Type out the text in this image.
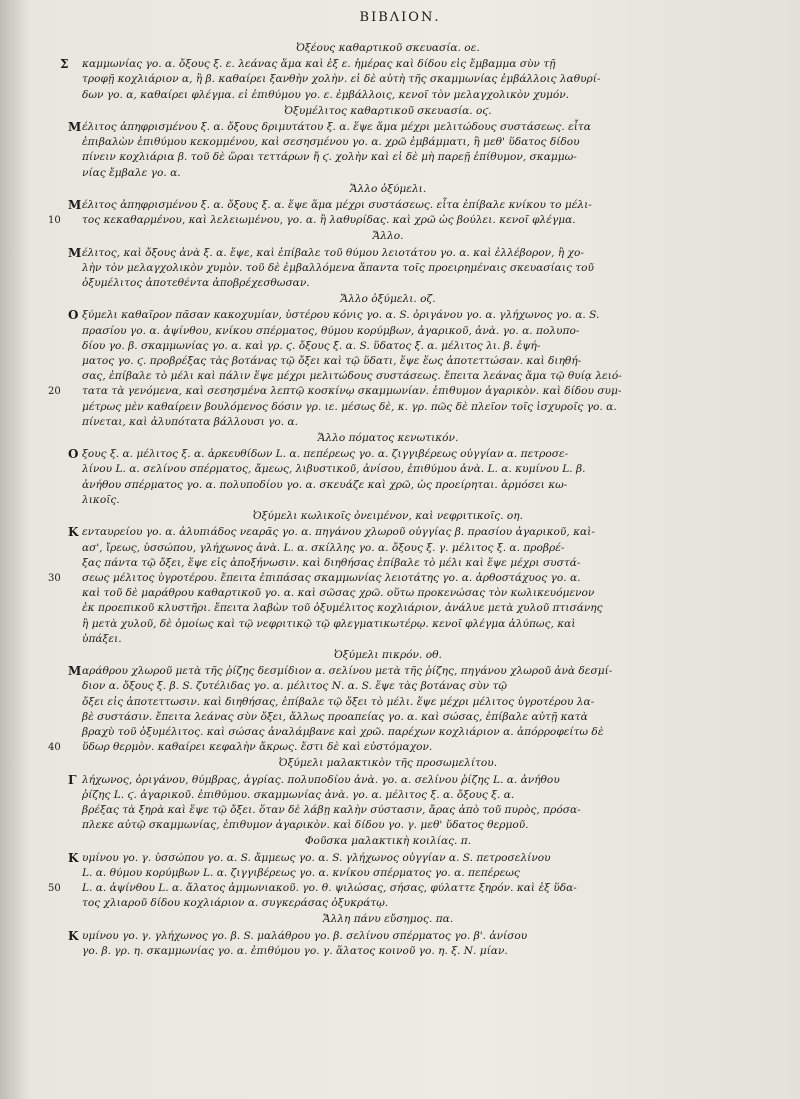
ΒΙΒΛΙΟΝ.
Ὀξέους καθαρτικοῦ σκευασία. οε.
Σ καμμωνίας γο. α. ὄξους ξ. ε. λεάνας ἅμα καὶ ἐξ ε. ἡμέρας καὶ δίδου εἰς ἔμβαμμα σὺν τῇ
τροφῇ κοχλιάριον α, ἢ β. καθαίρει ξανθὴν χολὴν. εἰ δὲ αὐτὴ τῆς σκαμμωνίας ἐμβάλλοις λαθυρί-
δων γο. α, καθαίρει φλέγμα. εἰ ἐπιθύμου γο. ε. ἐμβάλλοις, κενοῖ τὸν μελαγχολικὸν χυμόν.
Ὀξυμέλιτος καθαρτικοῦ σκευασία. οϛ.
Μ έλιτος ἀπηφρισμένου ξ. α. ὄξους δριμυτάτου ξ. α. ἕψε ἅμα μέχρι μελιτώδους συστάσεως. εἶτα
ἐπιβαλὼν ἐπιθύμου κεκομμένου, καὶ σεσησμένου γο. α. χρῶ ἐμβάμματι, ἢ μεθ' ὕδατος δίδου
πίνειν κοχλιάρια β. τοῦ δὲ ὥραι τεττάρων ἤ ϛ. χολὴν καὶ εἰ δὲ μὴ παρεῇ ἐπίθυμον, σκαμμω-
νίας ἔμβαλε γο. α.
Ἄλλο ὀξύμελι.
Μ έλιτος ἀπηφρισμένου ξ. α. ὄξους ξ. α. ἕψε ἅμα μέχρι συστάσεως. εἶτα ἐπίβαλε κνίκου το μέλι-
10 τος κεκαθαρμένου, καὶ λελειωμένου, γο. α. ἢ λαθυρίδας. καὶ χρῶ ὡς βούλει. κενοῖ φλέγμα.
Ἄλλο.
Μ έλιτος, καὶ ὄξους ἀνὰ ξ. α. ἕψε, καὶ ἐπίβαλε τοῦ θύμου λειοτάτου γο. α. καὶ ἐλλέβορον, ἢ χο-
λὴν τὸν μελαγχολικὸν χυμὸν. τοῦ δὲ ἐμβαλλόμενα ἅπαντα τοῖς προειρημέναις σκευασίαις τοῦ
ὀξυμέλιτος ἀποτεθέντα ἀποβρέχεσθωσαν.
Ἄλλο ὀξύμελι. οζ.
Ο ξύμελι καθαῖρον πᾶσαν κακοχυμίαν, ὑστέρου κόνις γο. α. S. ὀριγάνου γο. α. γλήχωνος γο. α. S.
πρασίου γο. α. ἀψίνθου, κνίκου σπέρματος, θύμου κορύμβων, ἀγαρικοῦ, ἀνὰ. γο. α. πολυπο-
δίου γο. β. σκαμμωνίας γο. α. καὶ γρ. ϛ. ὄξους ξ. α. S. ὕδατος ξ. α. μέλιτος λι. β. ἐψή-
ματος γο. ϛ. προβρέξας τὰς βοτάνας τῷ ὄξει καὶ τῷ ὕδατι, ἕψε ἕως ἀποτεττώσαν. καὶ διηθή-
σας, ἐπίβαλε τὸ μέλι καὶ πάλιν ἕψε μέχρι μελιτώδους συστάσεως. ἔπειτα λεάνας ἅμα τῷ θυίᾳ λειό-
20 τατα τὰ γενόμενα, καὶ σεσησμένα λεπτῷ κοσκίνῳ σκαμμωνίαν. ἐπιθυμον ἀγαρικὸν. καὶ δίδου συμ-
μέτρως μὲν καθαίρειν βουλόμενος δόσιν γρ. ιε. μέσως δὲ, κ. γρ. πῶς δὲ πλεῖον τοῖς ἰσχυροῖς γο. α.
πίνεται, καὶ ἀλυπότατα βάλλουσι γο. α.
Ἄλλο πόματος κενωτικόν.
Ο ξους ξ. α. μέλιτος ξ. α. ἀρκευθίδων L. α. πεπέρεως γο. α. ζιγγιβέρεως οὐγγίαν α. πετροσε-
λίνου L. α. σελίνου σπέρματος, ἄμεως, λιβυστικοῦ, ἀνίσου, ἐπιθύμου ἀνὰ. L. α. κυμίνου L. β.
ἀνήθου σπέρματος γο. α. πολυποδίου γο. α. σκευάζε καὶ χρῶ, ὡς προείρηται. ἁρμόσει κω-
λικοῖς.
Ὀξύμελι κωλικοῖς ὀνειμένον, καὶ νεφριτικοῖς. οη.
Κ ενταυρείου γο. α. ἀλυπιάδος νεαρᾶς γο. α. πηγάνου χλωροῦ οὐγγίας β. πρασίου ἀγαρικοῦ, καὶ-
ασ', ἴρεως, ὑσσώπου, γλήχωνος ἀνὰ. L. α. σκίλλης γο. α. ὄξους ξ. γ. μέλιτος ξ. α. προβρέ-
ξας πάντα τῷ ὄξει, ἕψε εἰς ἀποξήνωσιν. καὶ διηθήσας ἐπίβαλε τὸ μέλι καὶ ἕψε μέχρι συστά-
30 σεως μέλιτος ὑγροτέρου. ἔπειτα ἐπιπάσας σκαμμωνίας λειοτάτης γο. α. ἀρθοστάχυος γο. α.
καὶ τοῦ δὲ μαράθρου καθαρτικοῦ γο. α. καὶ σῶσας χρῶ. οὕτω προκενώσας τὸν κωλικευόμενον
ἐκ προεπικοῦ κλυστῆρι. ἔπειτα λαβὼν τοῦ ὀξυμέλιτος κοχλιάριον, ἀνάλυε μετὰ χυλοῦ πτισάνης
ἢ μετὰ χυλοῦ, δὲ ὁμοίως καὶ τῷ νεφριτικῷ τῷ φλεγματικωτέρῳ. κενοῖ φλέγμα ἀλύπως, καὶ
ὑπάξει.
Ὀξύμελι πικρόν. οθ.
Μ αράθρου χλωροῦ μετὰ τῆς ῥίζης δεσμίδιον α. σελίνου μετὰ τῆς ῥίζης, πηγάνου χλωροῦ ἀνὰ δεσμί-
διον α. ὄξους ξ. β. S. ζυτέλιδας γο. α. μέλιτος Ν. α. S. ἕψε τὰς βοτάνας σὺν τῷ
ὄξει εἰς ἀποτεττωσιν. καὶ διηθήσας, ἐπίβαλε τῷ ὄξει τὸ μέλι. ἕψε μέχρι μέλιτος ὑγροτέρου λα-
βὲ συστάσιν. ἔπειτα λεάνας σὺν ὄξει, ἄλλως προαπείας γο. α. καὶ σώσας, ἐπίβαλε αὐτῇ κατὰ
βραχὺ τοῦ ὀξυμέλιτος. καὶ σώσας ἀναλάμβανε καὶ χρῶ. παρέχων κοχλιάριον α. ἀπόρροφείτω δὲ
40 ὕδωρ θερμὸν. καθαίρει κεφαλὴν ἄκρως. ἔστι δὲ καὶ εὐστόμαχον.
Ὀξύμελι μαλακτικὸν τῆς προσωμελίτου.
Γ λήχωνος, ὀριγάνου, θύμβρας, ἀγρίας. πολυποδίου ἀνὰ. γο. α. σελίνου ῥίζης L. α. ἀνήθου
ῥίζης L. ϛ. ἀγαρικοῦ. ἐπιθύμου. σκαμμωνίας ἀνὰ. γο. α. μέλιτος ξ. α. ὄξους ξ. α.
βρέξας τὰ ξηρὰ καὶ ἕψε τῷ ὄξει. ὅταν δὲ λάβῃ καλὴν σύστασιν, ἄρας ἀπὸ τοῦ πυρὸς, πρόσα-
πλεκε αὐτῷ σκαμμωνίας, ἐπιθυμον ἀγαρικὸν. καὶ δίδου γο. γ. μεθ' ὕδατος θερμοῦ.
Φοῦσκα μαλακτικὴ κοιλίας. π.
Κ υμίνου γο. γ. ὑσσώπου γο. α. S. ἄμμεως γο. α. S. γλήχωνος οὐγγίαν α. S. πετροσελίνου
L. α. θύμου κορύμβων L. α. ζιγγιβέρεως γο. α. κνίκου σπέρματος γο. α. πεπέρεως
50 L. α. ἀψίνθου L. α. ἄλατος ἀμμωνιακοῦ. γο. θ. ψιλώσας, σήσας, φύλαττε ξηρόν. καὶ ἐξ ὕδα-
τος χλιαροῦ δίδου κοχλιάριον α. συγκεράσας ὀξυκράτῳ.
Ἄλλη πάνυ εὔσημος. πα.
Κ υμίνου γο. γ. γλήχωνος γο. β. S. μαλάθρου γο. β. σελίνου σπέρματος γο. β'. ἀνίσου
γο. β. γρ. η. σκαμμωνίας γο. α. ἐπιθύμου γο. γ. ἅλατος κοινοῦ γο. η. ξ. Ν. μίαν.
